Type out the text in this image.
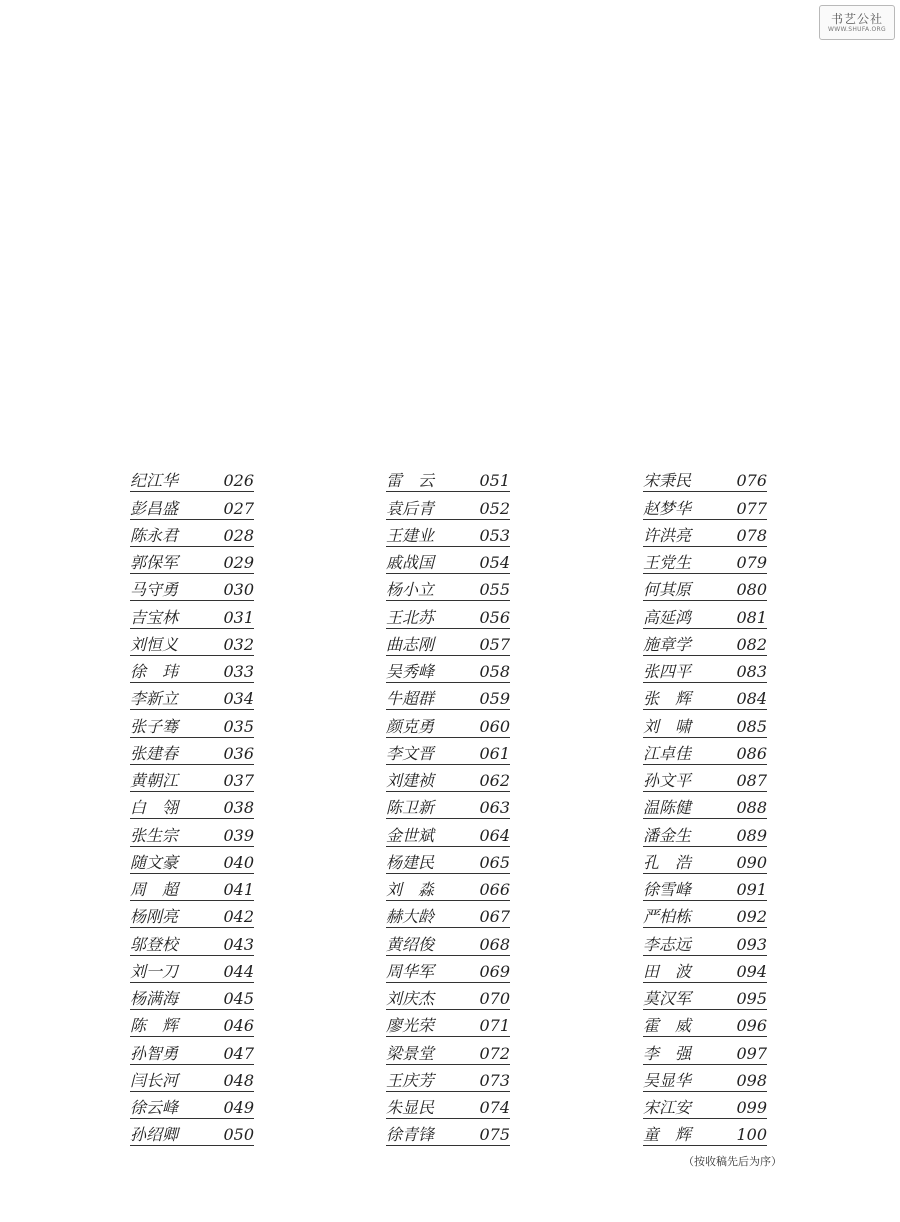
书艺公社
WWW.SHUFA.ORG
纪江华	026
彭昌盛	027
陈永君	028
郭保军	029
马守勇	030
吉宝林	031
刘恒义	032
徐　玮	033
李新立	034
张子骞	035
张建春	036
黄朝江	037
白　翎	038
张生宗	039
随文豪	040
周　超	041
杨刚亮	042
邬登校	043
刘一刀	044
杨满海	045
陈　辉	046
孙智勇	047
闫长河	048
徐云峰	049
孙绍卿	050
雷　云	051
袁后青	052
王建业	053
戚战国	054
杨小立	055
王北苏	056
曲志刚	057
吴秀峰	058
牛超群	059
颜克勇	060
李文晋	061
刘建祯	062
陈卫新	063
金世斌	064
杨建民	065
刘　淼	066
赫大龄	067
黄绍俊	068
周华军	069
刘庆杰	070
廖光荣	071
梁景堂	072
王庆芳	073
朱显民	074
徐青锋	075
宋秉民	076
赵梦华	077
许洪亮	078
王党生	079
何其原	080
高延鸿	081
施章学	082
张四平	083
张　辉	084
刘　啸	085
江卓佳	086
孙文平	087
温陈健	088
潘金生	089
孔　浩	090
徐雪峰	091
严柏栋	092
李志远	093
田　波	094
莫汉军	095
霍　威	096
李　强	097
吴显华	098
宋江安	099
童　辉	100
（按收稿先后为序）
